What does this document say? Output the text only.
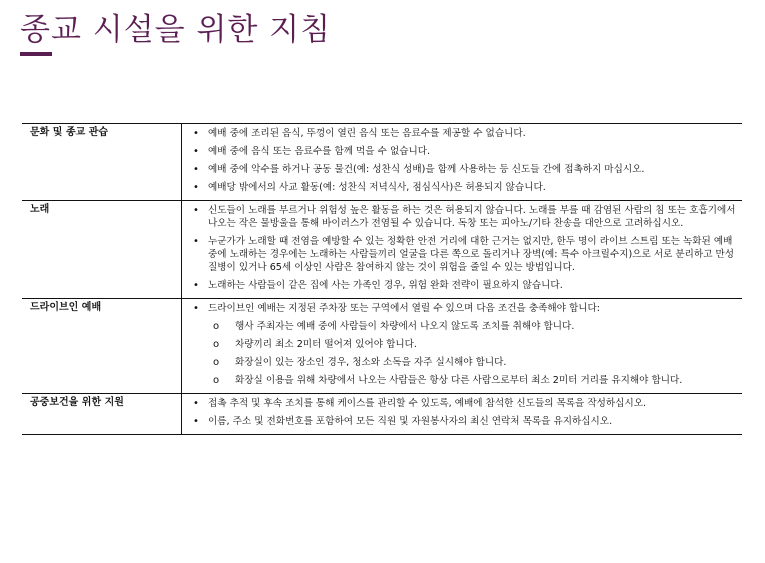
종교 시설을 위한 지침
문화 및 종교 관습	• 예배 중에 조리된 음식, 뚜껑이 열린 음식 또는 음료수를 제공할 수 없습니다.
• 예배 중에 음식 또는 음료수를 함께 먹을 수 없습니다.
• 예배 중에 악수를 하거나 공동 물건(예: 성찬식 성배)을 함께 사용하는 등 신도들 간에 접촉하지 마십시오.
• 예배당 밖에서의 사교 활동(예: 성찬식 저녁식사, 점심식사)은 허용되지 않습니다.
노래	• 신도들이 노래를 부르거나 위험성 높은 활동을 하는 것은 허용되지 않습니다. 노래를 부를 때 감염된 사람의 침 또는 호흡기에서 나오는 작은 물방울을 통해 바이러스가 전염될 수 있습니다. 독창 또는 피아노/기타 찬송을 대안으로 고려하십시오.
• 누군가가 노래할 때 전염을 예방할 수 있는 정확한 안전 거리에 대한 근거는 없지만, 한두 명이 라이브 스트림 또는 녹화된 예배 중에 노래하는 경우에는 노래하는 사람들끼리 얼굴을 다른 쪽으로 돌리거나 장벽(예: 특수 아크릴수지)으로 서로 분리하고 만성 질병이 있거나 65세 이상인 사람은 참여하지 않는 것이 위험을 줄일 수 있는 방법입니다.
• 노래하는 사람들이 같은 집에 사는 가족인 경우, 위험 완화 전략이 필요하지 않습니다.
드라이브인 예배	• 드라이브인 예배는 지정된 주차장 또는 구역에서 열릴 수 있으며 다음 조건을 충족해야 합니다:
o 행사 주최자는 예배 중에 사람들이 차량에서 나오지 않도록 조치를 취해야 합니다.
o 차량끼리 최소 2미터 떨어져 있어야 합니다.
o 화장실이 있는 장소인 경우, 청소와 소독을 자주 실시해야 합니다.
o 화장실 이용을 위해 차량에서 나오는 사람들은 항상 다른 사람으로부터 최소 2미터 거리를 유지해야 합니다.
공중보건을 위한 지원	• 접촉 추적 및 후속 조치를 통해 케이스를 관리할 수 있도록, 예배에 참석한 신도들의 목록을 작성하십시오.
• 이름, 주소 및 전화번호를 포함하여 모든 직원 및 자원봉사자의 최신 연락처 목록을 유지하십시오.
